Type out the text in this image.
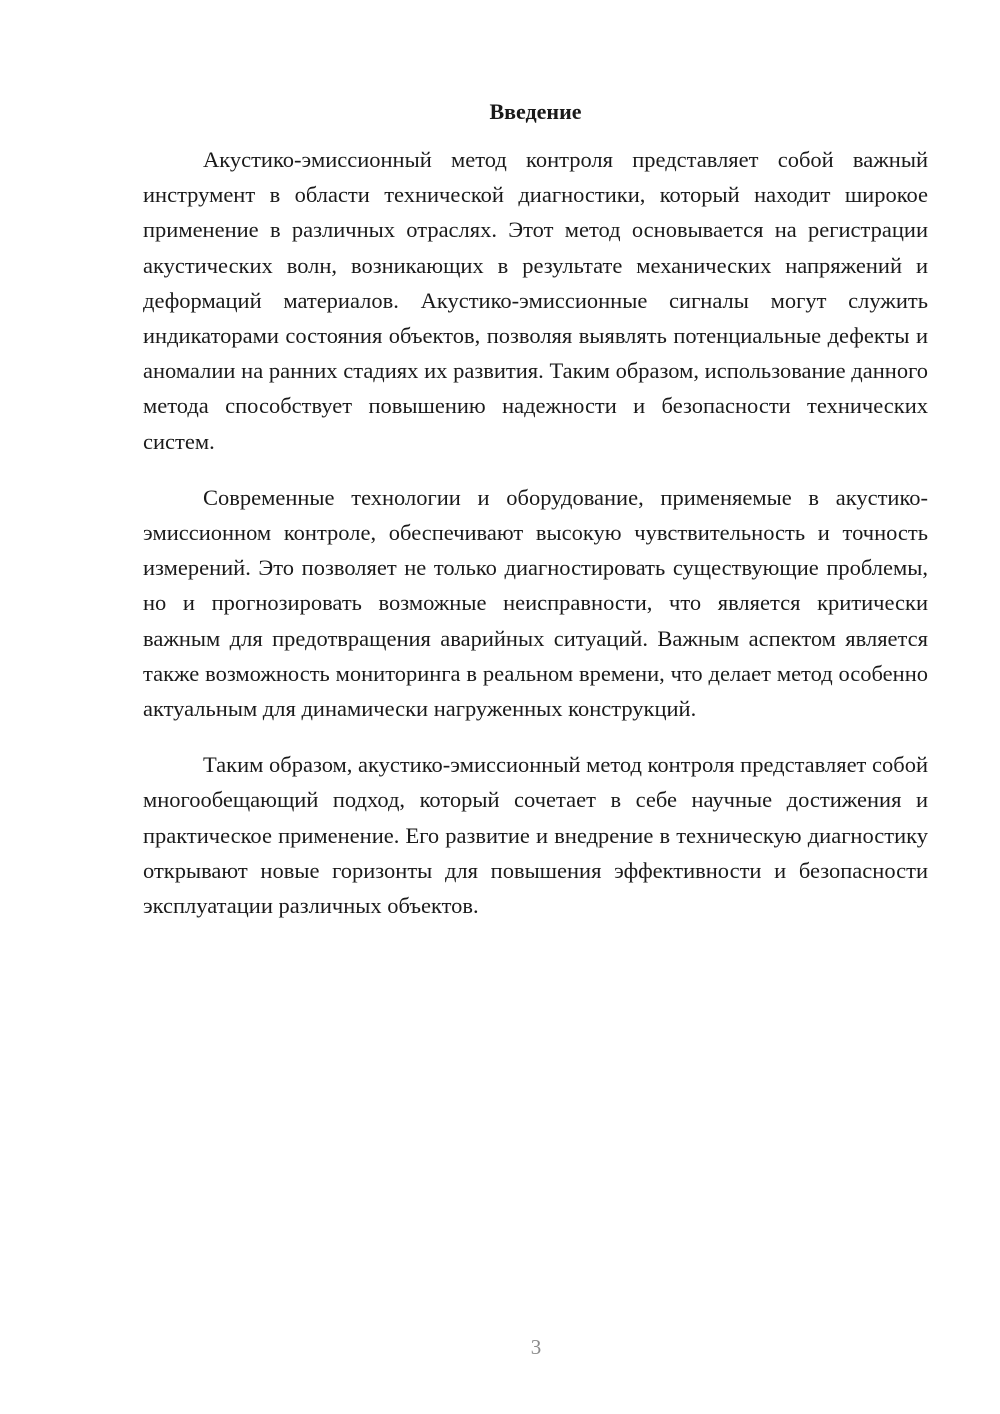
Введение

Акустико-эмиссионный метод контроля представляет собой важный инструмент в области технической диагностики, который находит широкое применение в различных отраслях. Этот метод основывается на регистрации акустических волн, возникающих в результате механических напряжений и деформаций материалов. Акустико-эмиссионные сигналы могут служить индикаторами состояния объектов, позволяя выявлять потенциальные дефекты и аномалии на ранних стадиях их развития. Таким образом, использование данного метода способствует повышению надежности и безопасности технических систем.

Современные технологии и оборудование, применяемые в акустико-эмиссионном контроле, обеспечивают высокую чувствительность и точность измерений. Это позволяет не только диагностировать существующие проблемы, но и прогнозировать возможные неисправности, что является критически важным для предотвращения аварийных ситуаций. Важным аспектом является также возможность мониторинга в реальном времени, что делает метод особенно актуальным для динамически нагруженных конструкций.

Таким образом, акустико-эмиссионный метод контроля представляет собой многообещающий подход, который сочетает в себе научные достижения и практическое применение. Его развитие и внедрение в техническую диагностику открывают новые горизонты для повышения эффективности и безопасности эксплуатации различных объектов.

3
